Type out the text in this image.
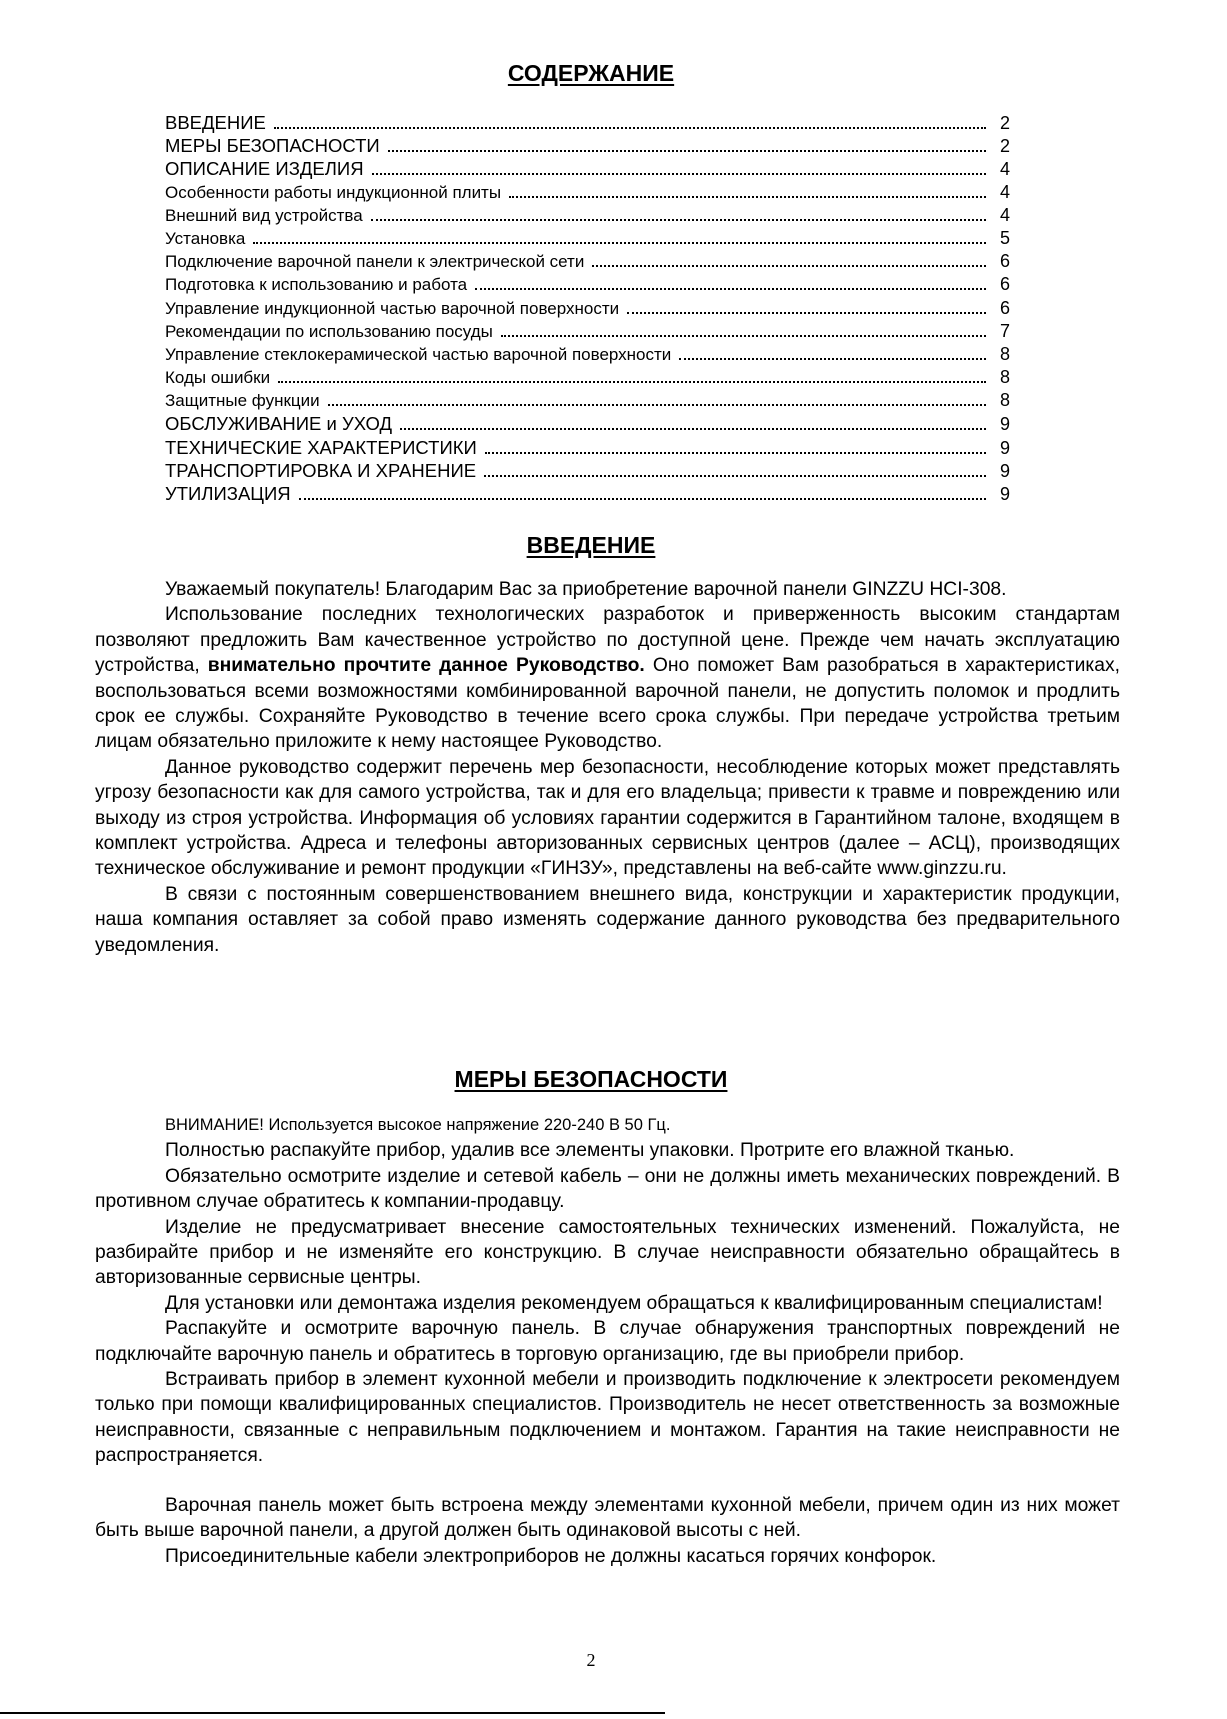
СОДЕРЖАНИЕ
ВВЕДЕНИЕ	2
МЕРЫ БЕЗОПАСНОСТИ	2
ОПИСАНИЕ ИЗДЕЛИЯ	4
Особенности работы индукционной плиты	4
Внешний вид устройства	4
Установка	5
Подключение варочной панели к электрической сети	6
Подготовка к использованию и работа	6
Управление индукционной частью варочной поверхности	6
Рекомендации по использованию посуды	7
Управление стеклокерамической частью варочной поверхности	8
Коды ошибки	8
Защитные функции	8
ОБСЛУЖИВАНИЕ и УХОД	9
ТЕХНИЧЕСКИЕ ХАРАКТЕРИСТИКИ	9
ТРАНСПОРТИРОВКА И ХРАНЕНИЕ	9
УТИЛИЗАЦИЯ	9
ВВЕДЕНИЕ

Уважаемый покупатель! Благодарим Вас за приобретение варочной панели GINZZU HCI-308.

Использование последних технологических разработок и приверженность высоким стандартам позволяют предложить Вам качественное устройство по доступной цене. Прежде чем начать эксплуатацию устройства, внимательно прочтите данное Руководство. Оно поможет Вам разобраться в характеристиках, воспользоваться всеми возможностями комбинированной варочной панели, не допустить поломок и продлить срок ее службы. Сохраняйте Руководство в течение всего срока службы. При передаче устройства третьим лицам обязательно приложите к нему настоящее Руководство.

Данное руководство содержит перечень мер безопасности, несоблюдение которых может представлять угрозу безопасности как для самого устройства, так и для его владельца; привести к травме и повреждению или выходу из строя устройства. Информация об условиях гарантии содержится в Гарантийном талоне, входящем в комплект устройства. Адреса и телефоны авторизованных сервисных центров (далее – АСЦ), производящих техническое обслуживание и ремонт продукции «ГИНЗУ», представлены на веб-сайте www.ginzzu.ru.

В связи с постоянным совершенствованием внешнего вида, конструкции и характеристик продукции, наша компания оставляет за собой право изменять содержание данного руководства без предварительного уведомления.

МЕРЫ БЕЗОПАСНОСТИ

ВНИМАНИЕ! Используется высокое напряжение 220-240 В 50 Гц.

Полностью распакуйте прибор, удалив все элементы упаковки. Протрите его влажной тканью.

Обязательно осмотрите изделие и сетевой кабель – они не должны иметь механических повреждений. В противном случае обратитесь к компании-продавцу.

Изделие не предусматривает внесение самостоятельных технических изменений. Пожалуйста, не разбирайте прибор и не изменяйте его конструкцию. В случае неисправности обязательно обращайтесь в авторизованные сервисные центры.

Для установки или демонтажа изделия рекомендуем обращаться к квалифицированным специалистам!

Распакуйте и осмотрите варочную панель. В случае обнаружения транспортных повреждений не подключайте варочную панель и обратитесь в торговую организацию, где вы приобрели прибор.

Встраивать прибор в элемент кухонной мебели и производить подключение к электросети рекомендуем только при помощи квалифицированных специалистов. Производитель не несет ответственность за возможные неисправности, связанные с неправильным подключением и монтажом. Гарантия на такие неисправности не распространяется.

Варочная панель может быть встроена между элементами кухонной мебели, причем один из них может быть выше варочной панели, а другой должен быть одинаковой высоты с ней.

Присоединительные кабели электроприборов не должны касаться горячих конфорок.

2
